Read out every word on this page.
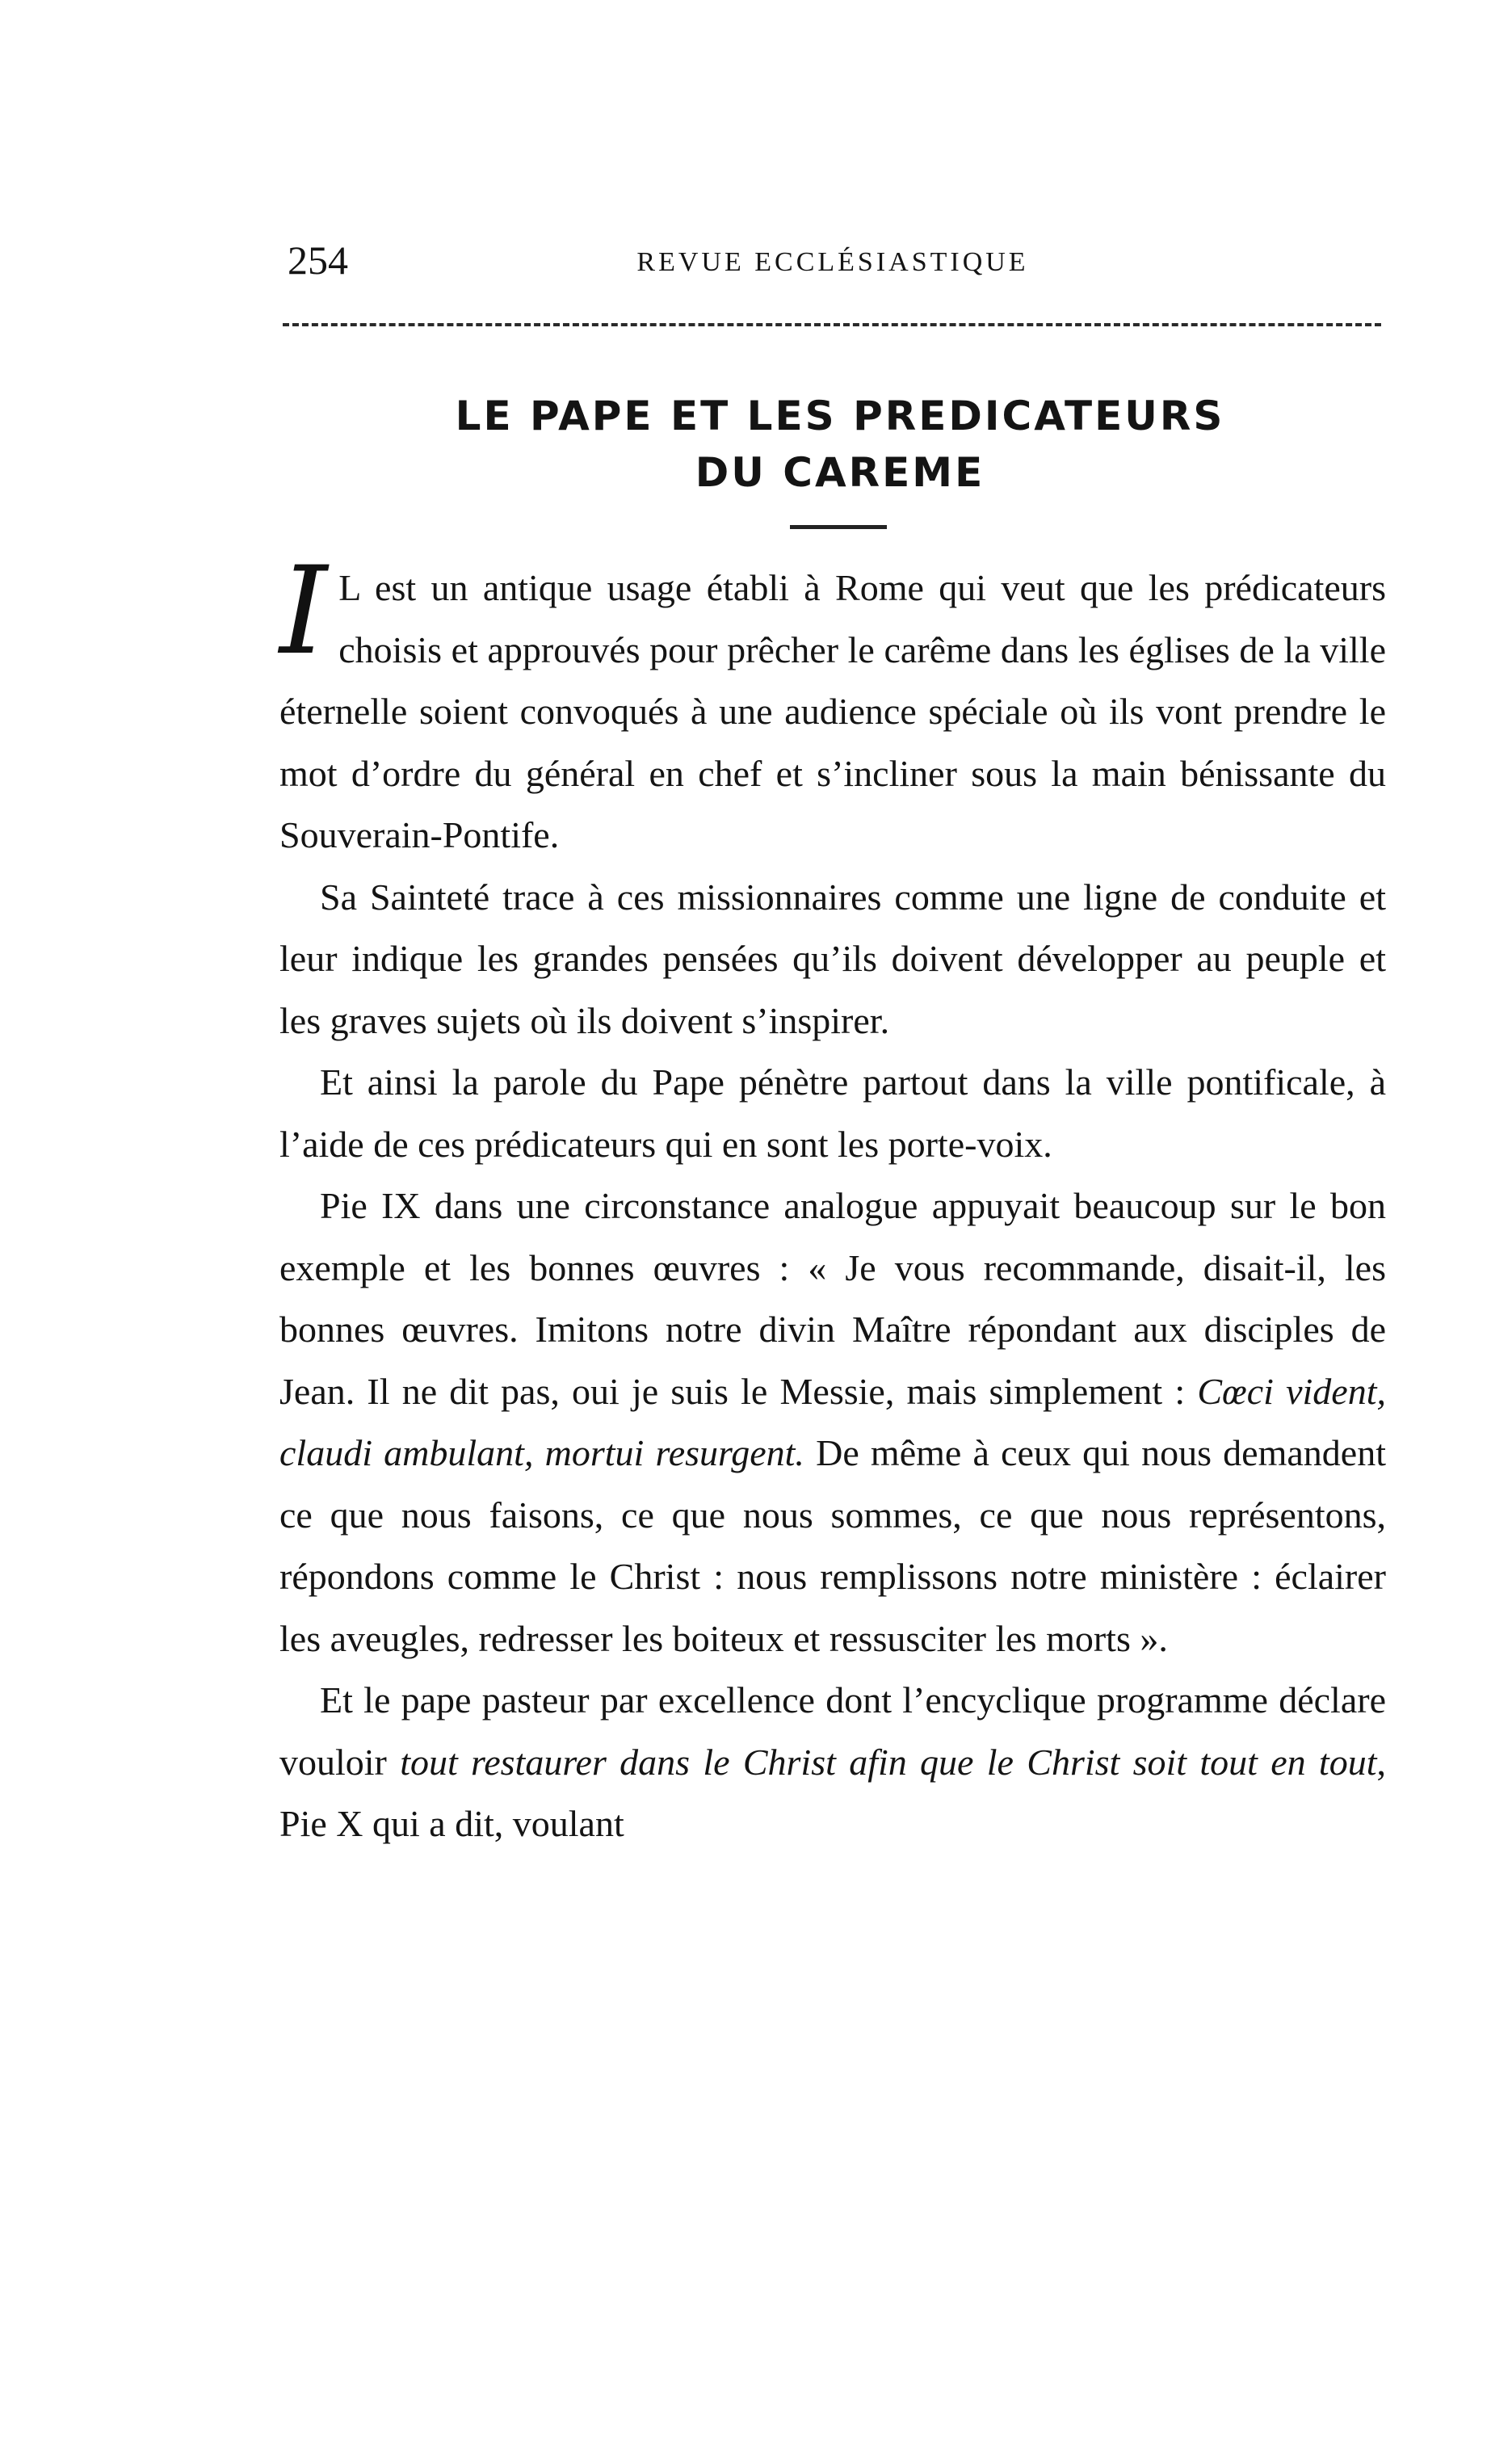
254	REVUE ECCLÉSIASTIQUE
LE PAPE ET LES PREDICATEURS
DU CAREME

I L est un antique usage établi à Rome qui veut que les prédicateurs choisis et approuvés pour prêcher le carême dans les églises de la ville éternelle soient convoqués à une audience spéciale où ils vont prendre le mot d’ordre du général en chef et s’incliner sous la main bénissante du Souverain-Pontife.

Sa Sainteté trace à ces missionnaires comme une ligne de conduite et leur indique les grandes pensées qu’ils doivent développer au peuple et les graves sujets où ils doivent s’inspirer.

Et ainsi la parole du Pape pénètre partout dans la ville pontificale, à l’aide de ces prédicateurs qui en sont les porte-voix.

Pie IX dans une circonstance analogue appuyait beaucoup sur le bon exemple et les bonnes œuvres : « Je vous recommande, disait-il, les bonnes œuvres. Imitons notre divin Maître répondant aux disciples de Jean. Il ne dit pas, oui je suis le Messie, mais simplement : Cœci vident, claudi ambulant, mortui resurgent. De même à ceux qui nous demandent ce que nous faisons, ce que nous sommes, ce que nous représentons, répondons comme le Christ : nous remplissons notre ministère : éclairer les aveugles, redresser les boiteux et ressusciter les morts ».

Et le pape pasteur par excellence dont l’encyclique programme déclare vouloir tout restaurer dans le Christ afin que le Christ soit tout en tout, Pie X qui a dit, voulant
